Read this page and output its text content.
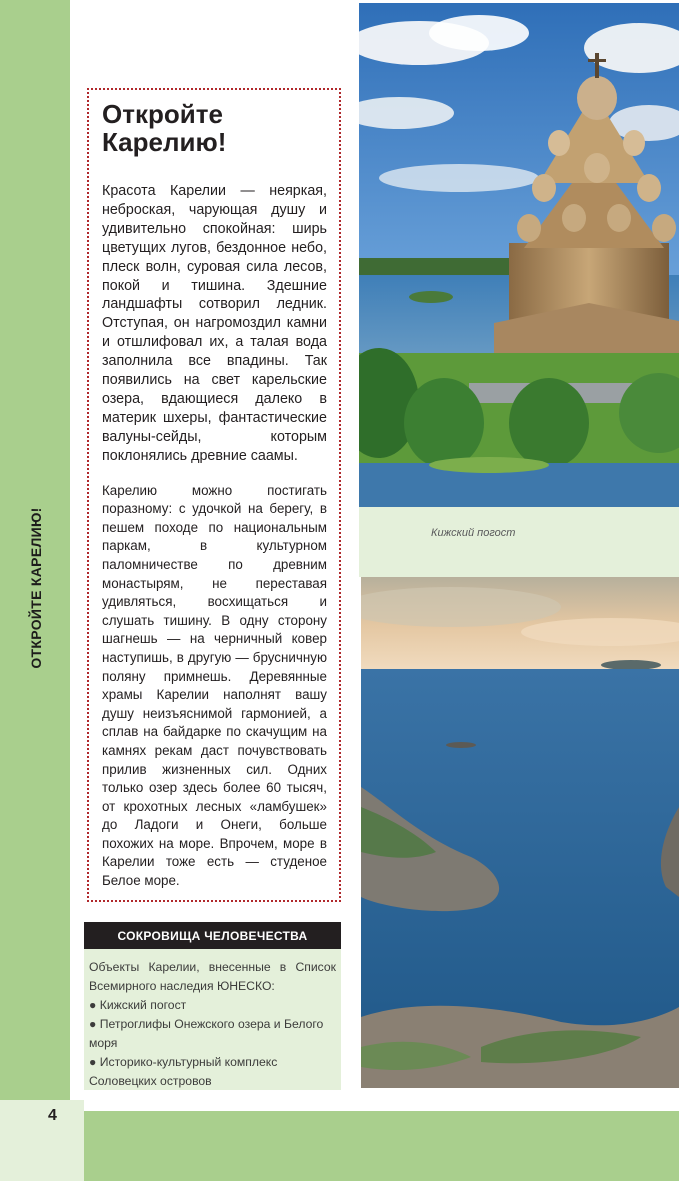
ОТКРОЙТЕ КАРЕЛИЮ!
Откройте
Карелию!

Красота Карелии — неяркая, неброская, чарующая душу и удивительно спокойная: ширь цветущих лугов, бездонное небо, плеск волн, суровая сила лесов, покой и тишина. Здешние ландшафты сотворил ледник. Отступая, он нагромоздил камни и отшлифовал их, а талая вода заполнила все впадины. Так появились на свет карельские озера, вдающиеся далеко в материк шхеры, фантастические валуны-сейды, которым поклонялись древние саамы.

Карелию можно постигать поразному: с удочкой на берегу, в пешем походе по национальным паркам, в культурном паломничестве по древним монастырям, не переставая удивляться, восхищаться и слушать тишину. В одну сторону шагнешь — на черничный ковер наступишь, в другую — брусничную поляну примнешь. Деревянные храмы Карелии наполнят вашу душу неизъяснимой гармонией, а сплав на байдарке по скачущим на камнях рекам даст почувствовать прилив жизненных сил. Одних только озер здесь более 60 тысяч, от крохотных лесных «ламбушек» до Ладоги и Онеги, больше похожих на море. Впрочем, море в Карелии тоже есть — студеное Белое море.

СОКРОВИЩА ЧЕЛОВЕЧЕСТВА
Объекты Карелии, внесенные в Список Всемирного наследия ЮНЕСКО:
● Кижский погост
● Петроглифы Онежского озера и Белого моря
● Историко-культурный комплекс Соловецких островов
Кижский погост
4
